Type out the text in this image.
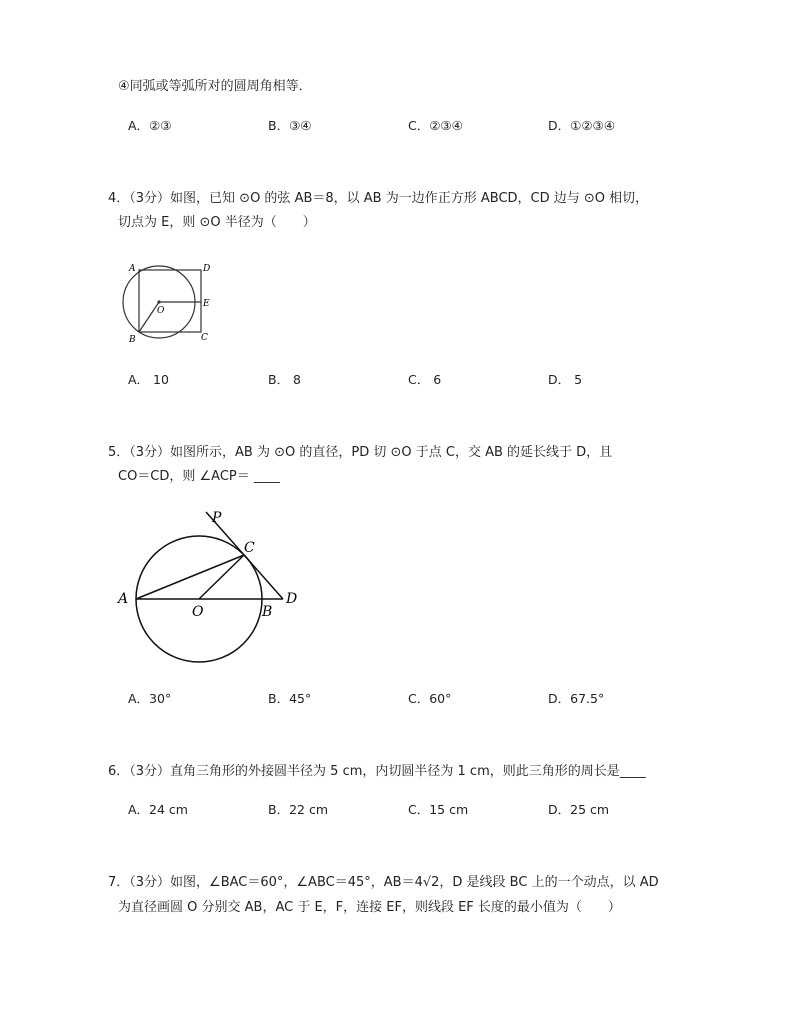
④同弧或等弧所对的圆周角相等．
A．②③	B．③④	C．②③④	D．①②③④
4．（3分）如图，已知 ⊙O 的弦 AB＝8，以 AB 为一边作正方形 ABCD，CD 边与 ⊙O 相切，
切点为 E，则 ⊙O 半径为（　　）
A	D
E
O
B	C
A． 10	B． 8	C． 6	D． 5
5．（3分）如图所示，AB 为 ⊙O 的直径，PD 切 ⊙O 于点 C，交 AB 的延长线于 D，且
CO＝CD，则 ∠ACP＝ ____
P
C
A
O	B
D
A．30°	B．45°	C．60°	D．67.5°
6．（3分）直角三角形的外接圆半径为 5 cm，内切圆半径为 1 cm，则此三角形的周长是____
A．24 cm	B．22 cm	C．15 cm	D．25 cm
7．（3分）如图，∠BAC＝60°，∠ABC＝45°，AB＝4√2，D 是线段 BC 上的一个动点，以 AD
为直径画圆 O 分别交 AB，AC 于 E，F，连接 EF，则线段 EF 长度的最小值为（　　）
